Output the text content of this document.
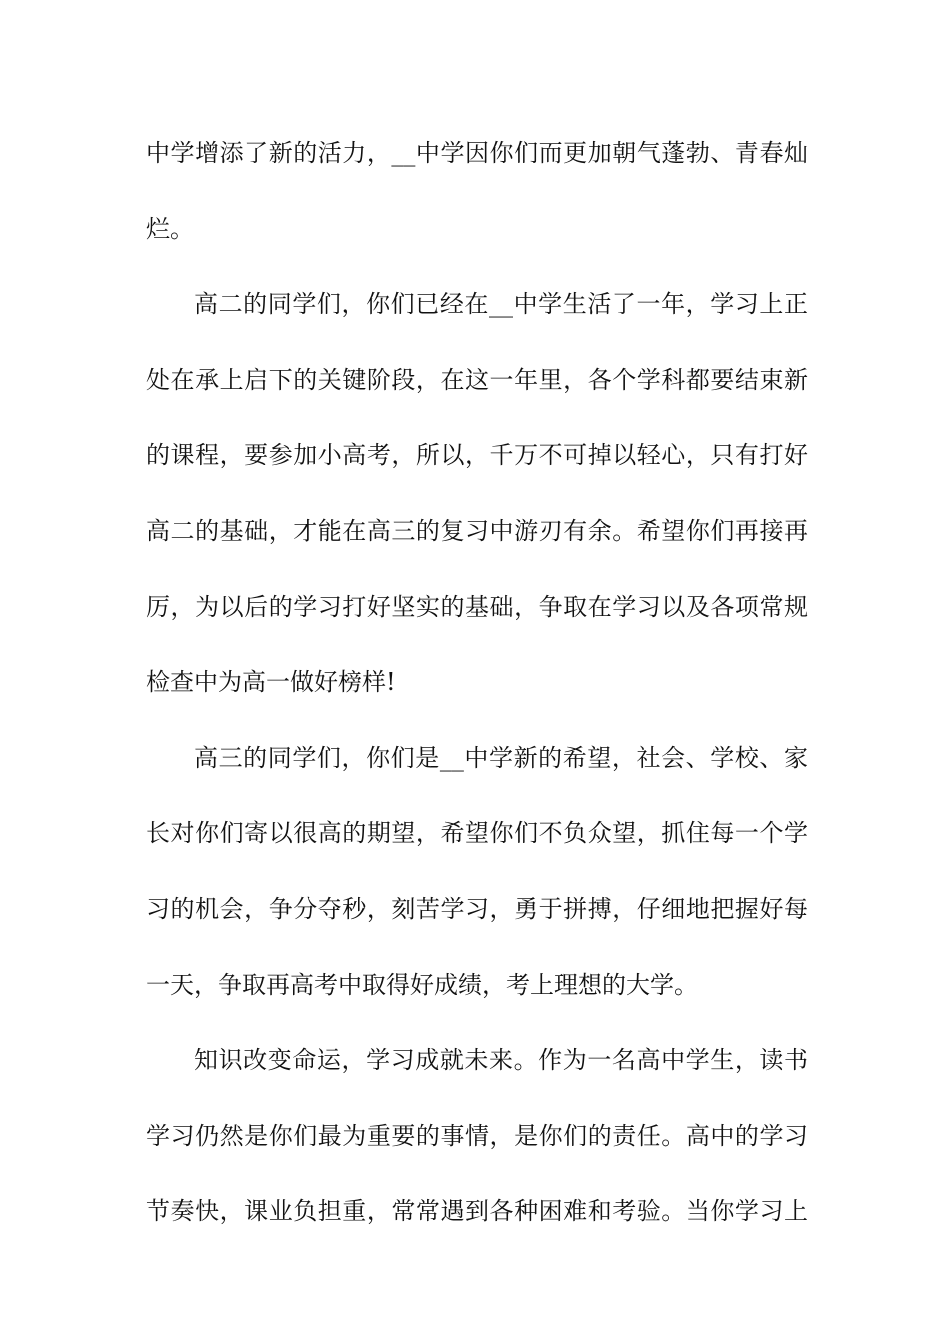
中学增添了新的活力，__中学因你们而更加朝气蓬勃、青春灿
烂。
高二的同学们，你们已经在__中学生活了一年，学习上正
处在承上启下的关键阶段，在这一年里，各个学科都要结束新
的课程，要参加小高考，所以，千万不可掉以轻心，只有打好
高二的基础，才能在高三的复习中游刃有余。希望你们再接再
厉，为以后的学习打好坚实的基础，争取在学习以及各项常规
检查中为高一做好榜样!
高三的同学们，你们是__中学新的希望，社会、学校、家
长对你们寄以很高的期望，希望你们不负众望，抓住每一个学
习的机会，争分夺秒，刻苦学习，勇于拼搏，仔细地把握好每
一天，争取再高考中取得好成绩，考上理想的大学。
知识改变命运，学习成就未来。作为一名高中学生，读书
学习仍然是你们最为重要的事情，是你们的责任。高中的学习
节奏快，课业负担重，常常遇到各种困难和考验。当你学习上
